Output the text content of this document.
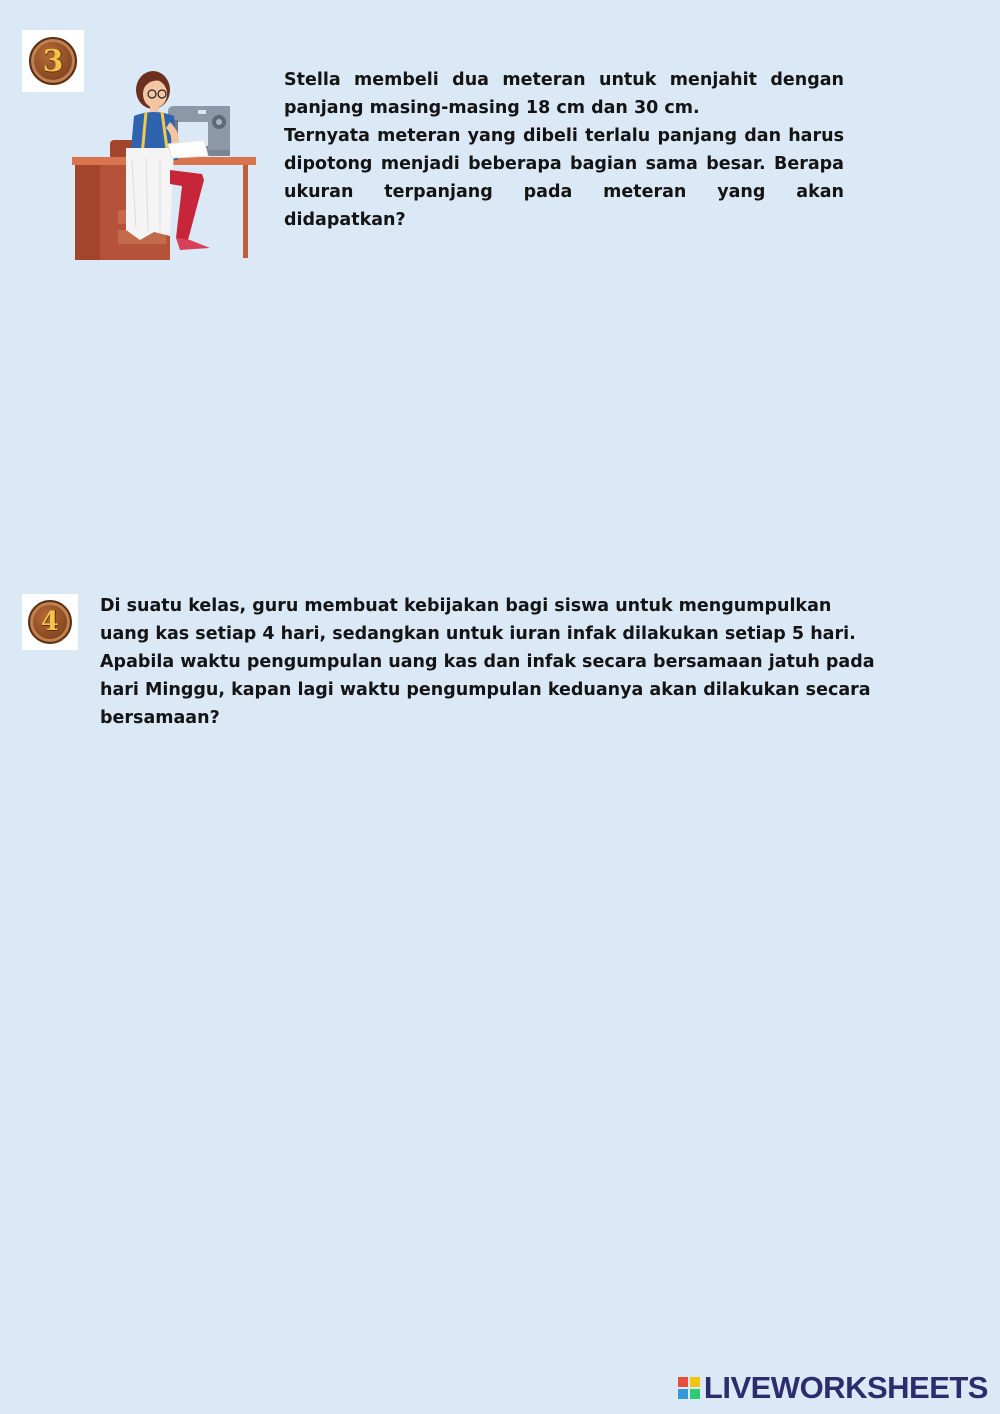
3

Stella membeli dua meteran untuk menjahit dengan panjang masing-masing 18 cm dan 30 cm.

Ternyata meteran yang dibeli terlalu panjang dan harus dipotong menjadi beberapa bagian sama besar. Berapa ukuran terpanjang pada meteran yang akan didapatkan?

4

Di suatu kelas, guru membuat kebijakan bagi siswa untuk mengumpulkan uang kas setiap 4 hari, sedangkan untuk iuran infak dilakukan setiap 5 hari. Apabila waktu pengumpulan uang kas dan infak secara bersamaan jatuh pada hari Minggu, kapan lagi waktu pengumpulan keduanya akan dilakukan secara bersamaan?

LIVEWORKSHEETS
